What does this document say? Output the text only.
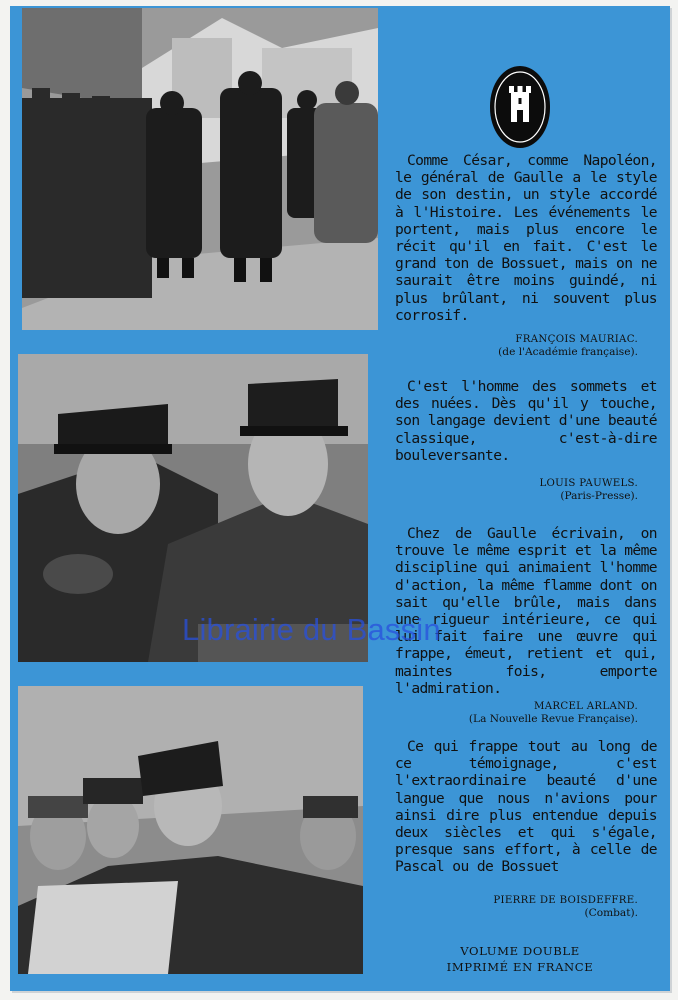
Comme César, comme Napoléon, le général de Gaulle a le style de son destin, un style accordé à l'Histoire. Les événements le portent, mais plus encore le récit qu'il en fait. C'est le grand ton de Bossuet, mais on ne saurait être moins guindé, ni plus brûlant, ni souvent plus corrosif.

FRANÇOIS MAURIAC.
(de l'Académie française).

C'est l'homme des sommets et des nuées. Dès qu'il y touche, son langage devient d'une beauté classique, c'est-à-dire bouleversante.

LOUIS PAUWELS.
(Paris-Presse).

Chez de Gaulle écrivain, on trouve le même esprit et la même discipline qui animaient l'homme d'action, la même flamme dont on sait qu'elle brûle, mais dans une rigueur intérieure, ce qui lui fait faire une œuvre qui frappe, émeut, retient et qui, maintes fois, emporte l'admiration.

MARCEL ARLAND.
(La Nouvelle Revue Française).

Ce qui frappe tout au long de ce témoignage, c'est l'extraordinaire beauté d'une langue que nous n'avions pour ainsi dire plus entendue depuis deux siècles et qui s'égale, presque sans effort, à celle de Pascal ou de Bossuet

PIERRE DE BOISDEFFRE.
(Combat).
VOLUME DOUBLE
IMPRIMÉ EN FRANCE
Librairie du Bassin
